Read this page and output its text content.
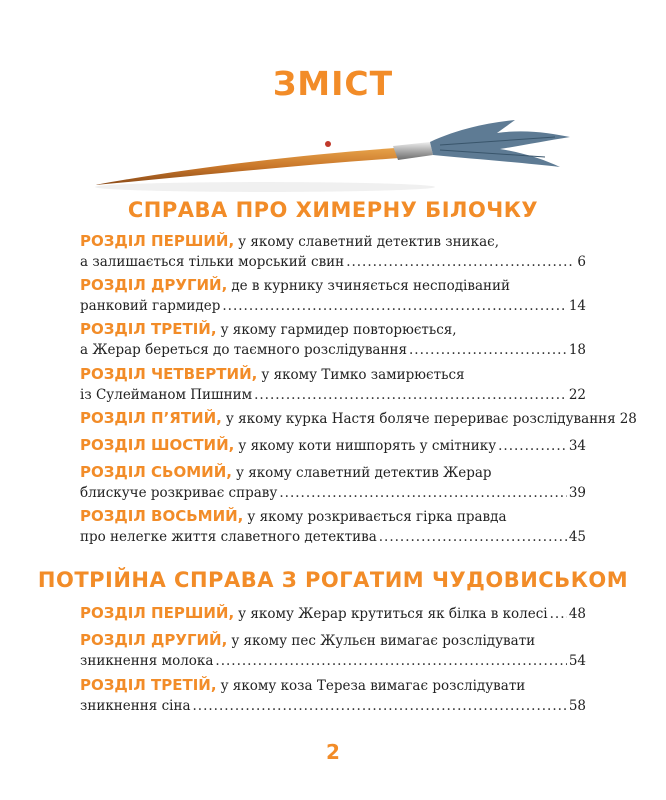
ЗМІСТ
СПРАВА ПРО ХИМЕРНУ БІЛОЧКУ
РОЗДІЛ ПЕРШИЙ, у якому славетний детектив зникає,
а залишається тільки морський свин .....	6
РОЗДІЛ ДРУГИЙ, де в курнику зчиняється несподіваний
ранковий гармидер .....	14
РОЗДІЛ ТРЕТІЙ, у якому гармидер повторюється,
а Жерар береться до таємного розслідування .....	18
РОЗДІЛ ЧЕТВЕРТИЙ, у якому Тимко замирюється
із Сулейманом Пишним .....	22
РОЗДІЛ П’ЯТИЙ, у якому курка Настя боляче перериває розслідування 28
РОЗДІЛ ШОСТИЙ, у якому коти нишпорять у смітнику .....	34
РОЗДІЛ СЬОМИЙ, у якому славетний детектив Жерар
блискуче розкриває справу .....	39
РОЗДІЛ ВОСЬМИЙ, у якому розкривається гірка правда
про нелегке життя славетного детектива .....	45
ПОТРІЙНА СПРАВА З РОГАТИМ ЧУДОВИСЬКОМ
РОЗДІЛ ПЕРШИЙ, у якому Жерар крутиться як білка в колесі ..... 48
РОЗДІЛ ДРУГИЙ, у якому пес Жульєн вимагає розслідувати
зникнення молока .....	54
РОЗДІЛ ТРЕТІЙ, у якому коза Тереза вимагає розслідувати
зникнення сіна .....	58
2
